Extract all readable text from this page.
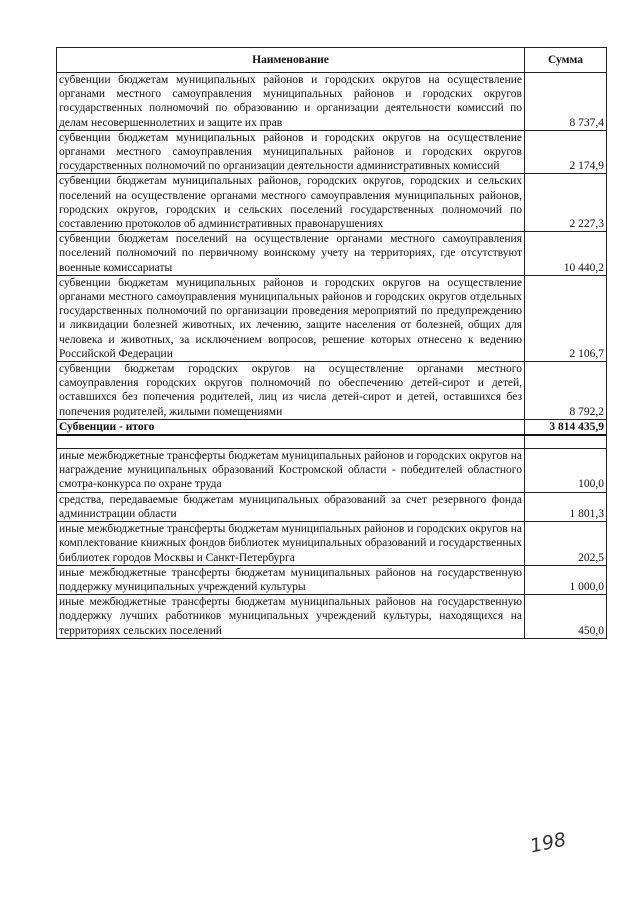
Наименование	Сумма
субвенции бюджетам муниципальных районов и городских округов на осуществление органами местного самоуправления муниципальных районов и городских округов государственных полномочий по образованию и организации деятельности комиссий по делам несовершеннолетних и защите их прав	8 737,4
субвенции бюджетам муниципальных районов и городских округов на осуществление органами местного самоуправления муниципальных районов и городских округов государственных полномочий по организации деятельности административных комиссий	2 174,9
субвенции бюджетам муниципальных районов, городских округов, городских и сельских поселений на осуществление органами местного самоуправления муниципальных районов, городских округов, городских и сельских поселений государственных полномочий по составлению протоколов об административных правонарушениях	2 227,3
субвенции бюджетам поселений на осуществление органами местного самоуправления поселений полномочий по первичному воинскому учету на территориях, где отсутствуют военные комиссариаты	10 440,2
субвенции бюджетам муниципальных районов и городских округов на осуществление органами местного самоуправления муниципальных районов и городских округов отдельных государственных полномочий по организации проведения мероприятий по предупреждению и ликвидации болезней животных, их лечению, защите населения от болезней, общих для человека и животных, за исключением вопросов, решение которых отнесено к ведению Российской Федерации	2 106,7
субвенции бюджетам городских округов на осуществление органами местного самоуправления городских округов полномочий по обеспечению детей-сирот и детей, оставшихся без попечения родителей, лиц из числа детей-сирот и детей, оставшихся без попечения родителей, жилыми помещениями	8 792,2
Субвенции - итого	3 814 435,9

иные межбюджетные трансферты бюджетам муниципальных районов и городских округов на награждение муниципальных образований Костромской области - победителей областного смотра-конкурса по охране труда	100,0
средства, передаваемые бюджетам муниципальных образований за счет резервного фонда администрации области	1 801,3
иные межбюджетные трансферты бюджетам муниципальных районов и городских округов на комплектование книжных фондов библиотек муниципальных образований и государственных библиотек городов Москвы и Санкт-Петербурга	202,5
иные межбюджетные трансферты бюджетам муниципальных районов на государственную поддержку муниципальных учреждений культуры	1 000,0
иные межбюджетные трансферты бюджетам муниципальных районов на государственную поддержку лучших работников муниципальных учреждений культуры, находящихся на территориях сельских поселений	450,0
198
